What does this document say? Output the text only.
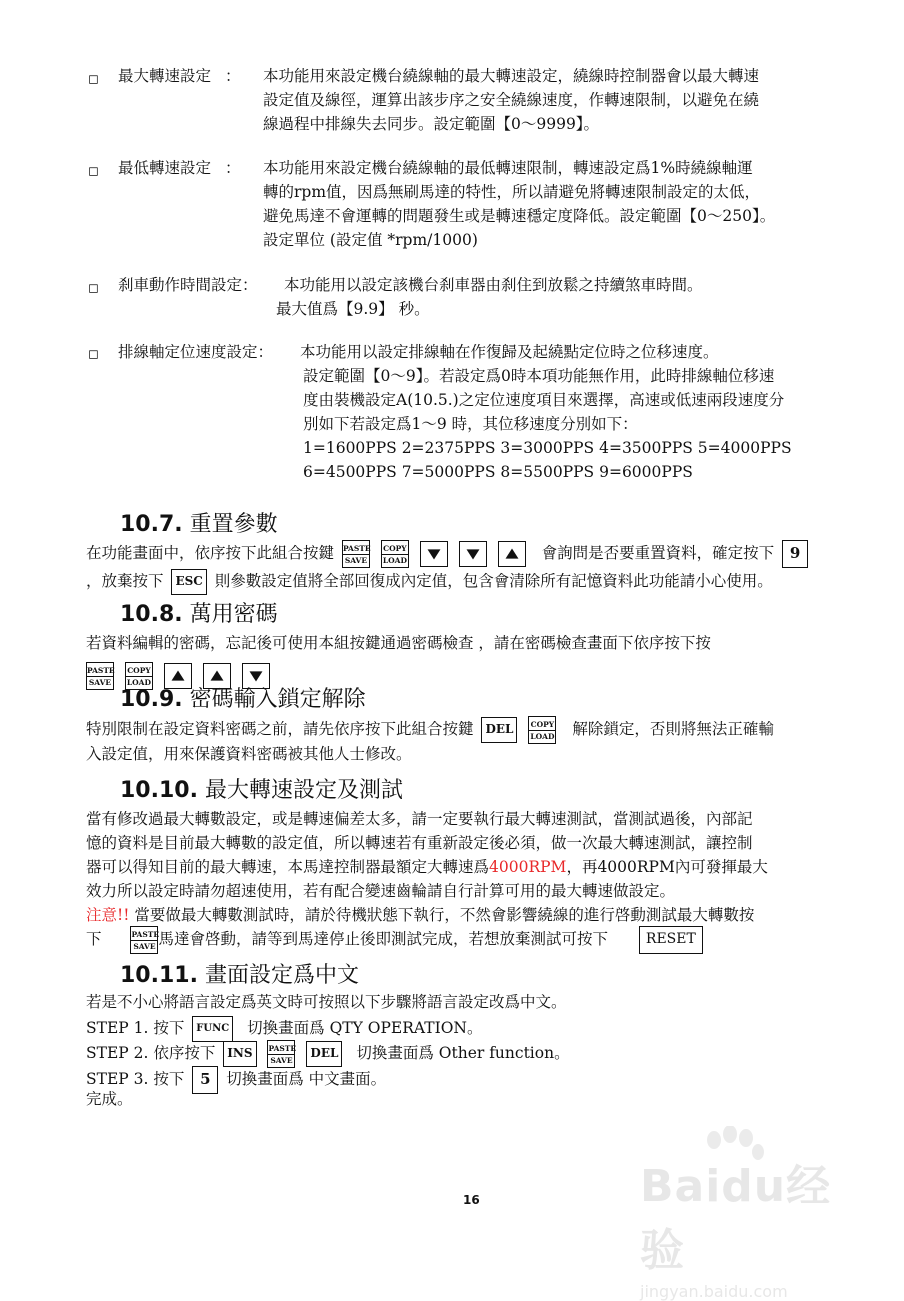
◻ 最大轉速設定 ： 本功能用來設定機台繞線軸的最大轉速設定，繞線時控制器會以最大轉速
設定值及線徑，運算出該步序之安全繞線速度，作轉速限制，以避免在繞
線過程中排線失去同步。設定範圍【0～9999】。
◻ 最低轉速設定 ： 本功能用來設定機台繞線軸的最低轉速限制，轉速設定爲1%時繞線軸運
轉的rpm值，因爲無刷馬達的特性，所以請避免將轉速限制設定的太低，
避免馬達不會運轉的問題發生或是轉速穩定度降低。設定範圍【0～250】。
設定單位 (設定值 *rpm/1000)
◻ 刹車動作時間設定： 本功能用以設定該機台刹車器由刹住到放鬆之持續煞車時間。
最大值爲【9.9】 秒。
◻ 排線軸定位速度設定： 本功能用以設定排線軸在作復歸及起繞點定位時之位移速度。
設定範圍【0～9】。若設定爲0時本項功能無作用，此時排線軸位移速
度由裝機設定A(10.5.)之定位速度項目來選擇，高速或低速兩段速度分
別如下若設定爲1～9 時，其位移速度分別如下：
1=1600PPS 2=2375PPS 3=3000PPS 4=3500PPS 5=4000PPS
6=4500PPS 7=5000PPS 8=5500PPS 9=6000PPS
10.7. 重置參數
在功能畫面中，依序按下此組合按鍵 PASTE
SAVE

COPY
LOAD

	會詢問是否要重置資料，確定按下 9
，放棄按下 ESC 則參數設定值將全部回復成內定值，包含會清除所有記憶資料此功能請小心使用。
10.8. 萬用密碼
若資料編輯的密碼，忘記後可使用本組按鍵通過密碼檢查 ，請在密碼檢查畫面下依序按下按
PASTE
SAVE

COPY
LOAD

10.9. 密碼輸入鎖定解除
特別限制在設定資料密碼之前，請先依序按下此組合按鍵 DEL COPY
LOAD 解除鎖定，否則將無法正確輸
入設定值，用來保護資料密碼被其他人士修改。
10.10. 最大轉速設定及測試
當有修改過最大轉數設定，或是轉速偏差太多，請一定要執行最大轉速測試，當測試過後，內部記
憶的資料是目前最大轉數的設定值，所以轉速若有重新設定後必須，做一次最大轉速測試，讓控制
器可以得知目前的最大轉速，本馬達控制器最額定大轉速爲4000RPM，再4000RPM內可發揮最大
效力所以設定時請勿超速使用，若有配合變速齒輪請自行計算可用的最大轉速做設定。
注意!! 當要做最大轉數測試時，請於待機狀態下執行，不然會影響繞線的進行啓動測試最大轉數按
下	PASTE
SAVE 馬達會啓動，請等到馬達停止後即測試完成，若想放棄測試可按下	RESET
10.11. 畫面設定爲中文
若是不小心將語言設定爲英文時可按照以下步驟將語言設定改爲中文。
STEP 1. 按下 FUNC 切換畫面爲 QTY OPERATION。
STEP 2. 依序按下 INS PASTE
SAVE
DEL 切換畫面爲 Other function。
STEP 3. 按下 5 切換畫面爲 中文畫面。
完成。
16	Baidu经验
jingyan.baidu.com
